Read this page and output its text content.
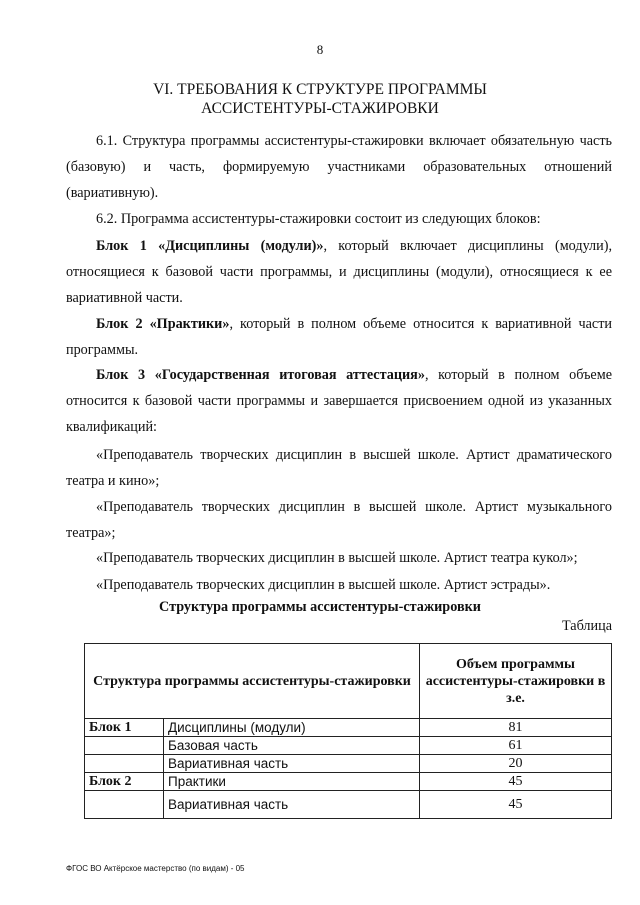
8
VI. ТРЕБОВАНИЯ К СТРУКТУРЕ ПРОГРАММЫ
АССИСТЕНТУРЫ-СТАЖИРОВКИ
6.1. Структура программы ассистентуры-стажировки включает обязательную часть (базовую) и часть, формируемую участниками образовательных отношений (вариативную).
6.2. Программа ассистентуры-стажировки состоит из следующих блоков:
Блок 1 «Дисциплины (модули)», который включает дисциплины (модули), относящиеся к базовой части программы, и дисциплины (модули), относящиеся к ее вариативной части.
Блок 2 «Практики», который в полном объеме относится к вариативной части программы.
Блок 3 «Государственная итоговая аттестация», который в полном объеме относится к базовой части программы и завершается присвоением одной из указанных квалификаций:
«Преподаватель творческих дисциплин в высшей школе. Артист драматического театра и кино»;
«Преподаватель творческих дисциплин в высшей школе. Артист музыкального театра»;
«Преподаватель творческих дисциплин в высшей школе. Артист театра кукол»;
«Преподаватель творческих дисциплин в высшей школе. Артист эстрады».
Структура программы ассистентуры-стажировки
Таблица
Структура программы ассистентуры-стажировки		Объем программы ассистентуры-стажировки в з.е.
Блок 1	Дисциплины (модули)	81
	Базовая часть	61
	Вариативная часть	20
Блок 2	Практики	45
	Вариативная часть	45
ФГОС ВО Актёрское мастерство (по видам) - 05
